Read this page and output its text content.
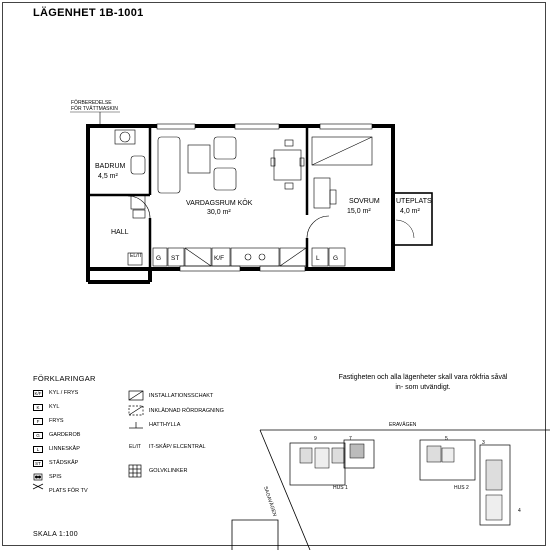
LÄGENHET 1B-1001
FÖRBEREDELSE
FÖR TVÄTTMASKIN
G ST	K/F	L G
EL/IT
BADRUM
4,5 m²
VARDAGSRUM KÖK
30,0 m²
SOVRUM
15,0 m²
UTEPLATS
4,0 m²
HALL
9	7	5
3
4
ERAVÄGEN
HUS 1	HUS 2
SAGAVÄGEN
FÖRKLARINGAR
K/F KYL / FRYS
K	KYL
F	FRYS
G	GARDEROB
L	LINNESKÅP
ST	STÄDSKÅP
SPIS
PLATS FÖR TV
INSTALLATIONSSCHAKT
INKLÄDNAD RÖRDRAGNING
HATTHYLLA
EL/IT IT-SKÅP/ ELCENTRAL
GOLVKLINKER
Fastigheten och alla lägenheter skall vara rökfria såväl in- som utvändigt.
SKALA 1:100
